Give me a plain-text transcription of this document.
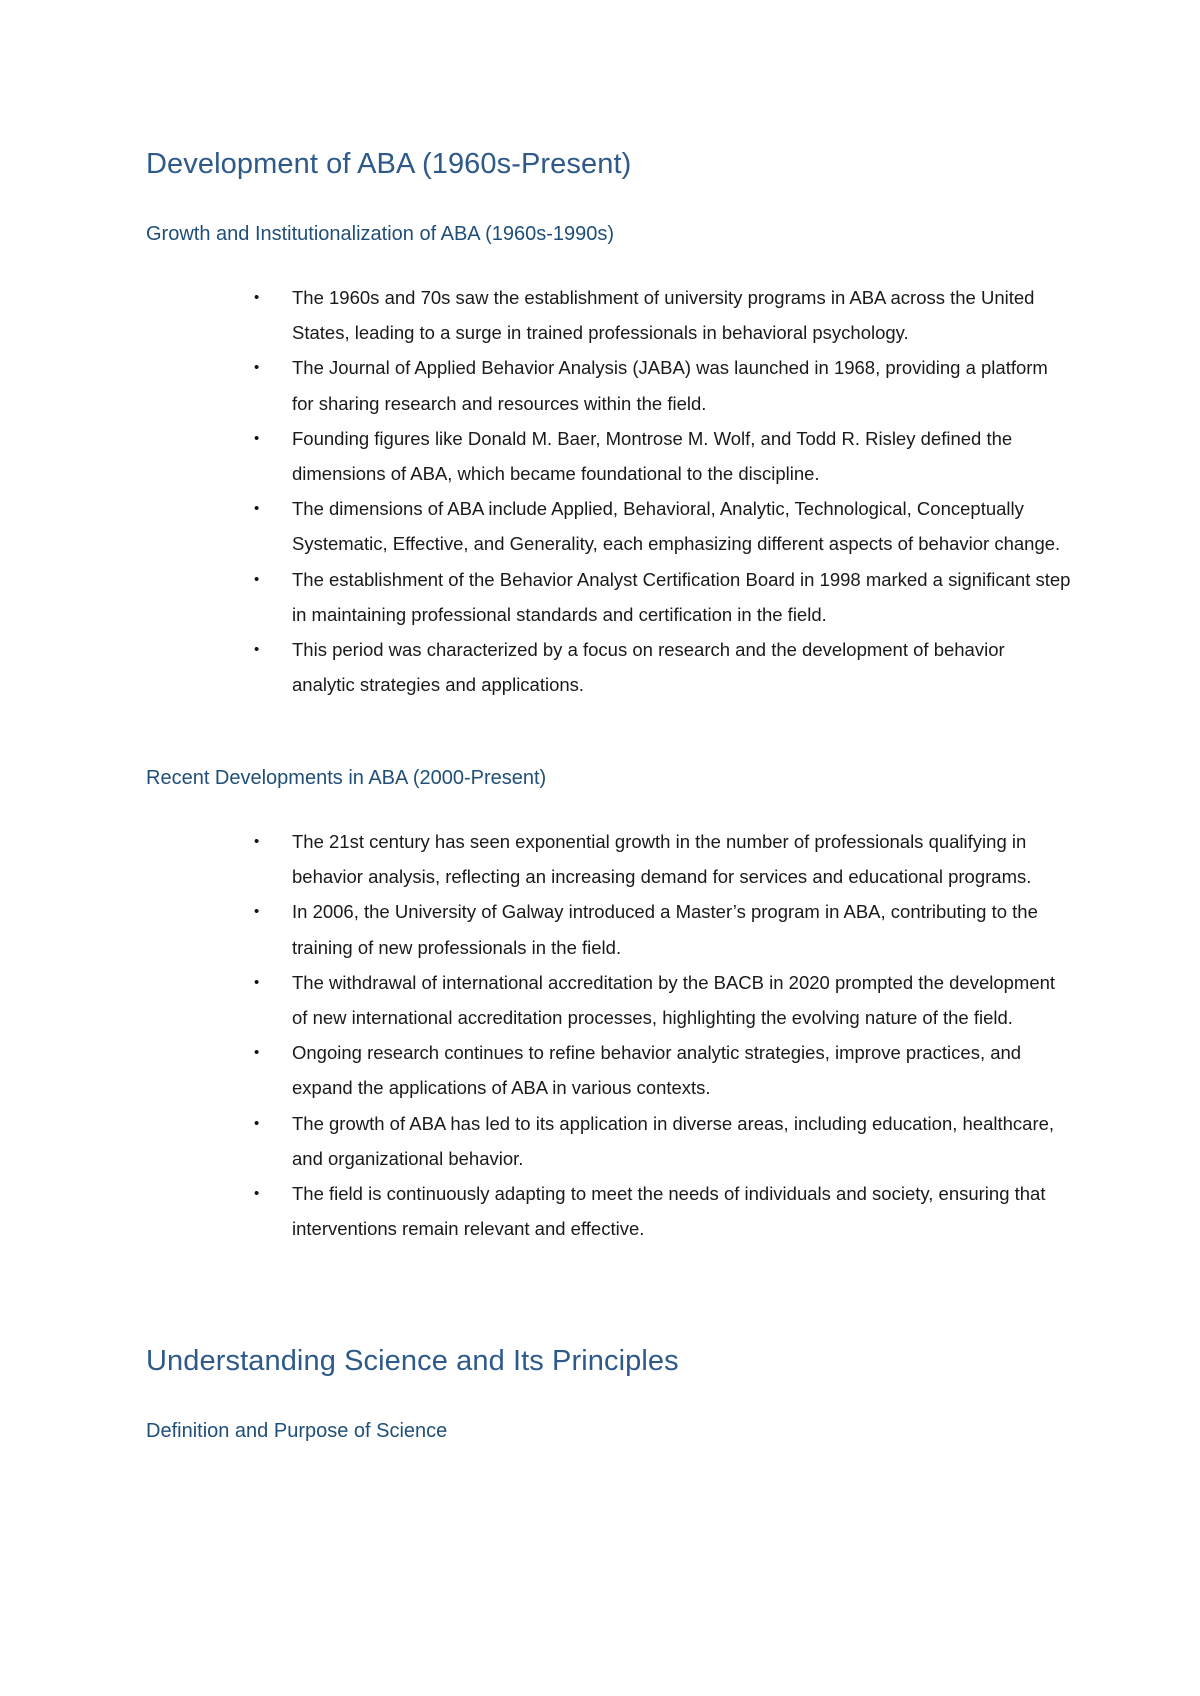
Development of ABA (1960s-Present)
Growth and Institutionalization of ABA (1960s-1990s)
• The 1960s and 70s saw the establishment of university programs in ABA across the United States, leading to a surge in trained professionals in behavioral psychology.
• The Journal of Applied Behavior Analysis (JABA) was launched in 1968, providing a platform for sharing research and resources within the field.
• Founding figures like Donald M. Baer, Montrose M. Wolf, and Todd R. Risley defined the dimensions of ABA, which became foundational to the discipline.
• The dimensions of ABA include Applied, Behavioral, Analytic, Technological, Conceptually Systematic, Effective, and Generality, each emphasizing different aspects of behavior change.
• The establishment of the Behavior Analyst Certification Board in 1998 marked a significant step in maintaining professional standards and certification in the field.
• This period was characterized by a focus on research and the development of behavior analytic strategies and applications.
Recent Developments in ABA (2000-Present)
• The 21st century has seen exponential growth in the number of professionals qualifying in behavior analysis, reflecting an increasing demand for services and educational programs.
• In 2006, the University of Galway introduced a Master’s program in ABA, contributing to the training of new professionals in the field.
• The withdrawal of international accreditation by the BACB in 2020 prompted the development of new international accreditation processes, highlighting the evolving nature of the field.
• Ongoing research continues to refine behavior analytic strategies, improve practices, and expand the applications of ABA in various contexts.
• The growth of ABA has led to its application in diverse areas, including education, healthcare, and organizational behavior.
• The field is continuously adapting to meet the needs of individuals and society, ensuring that interventions remain relevant and effective.
Understanding Science and Its Principles
Definition and Purpose of Science
